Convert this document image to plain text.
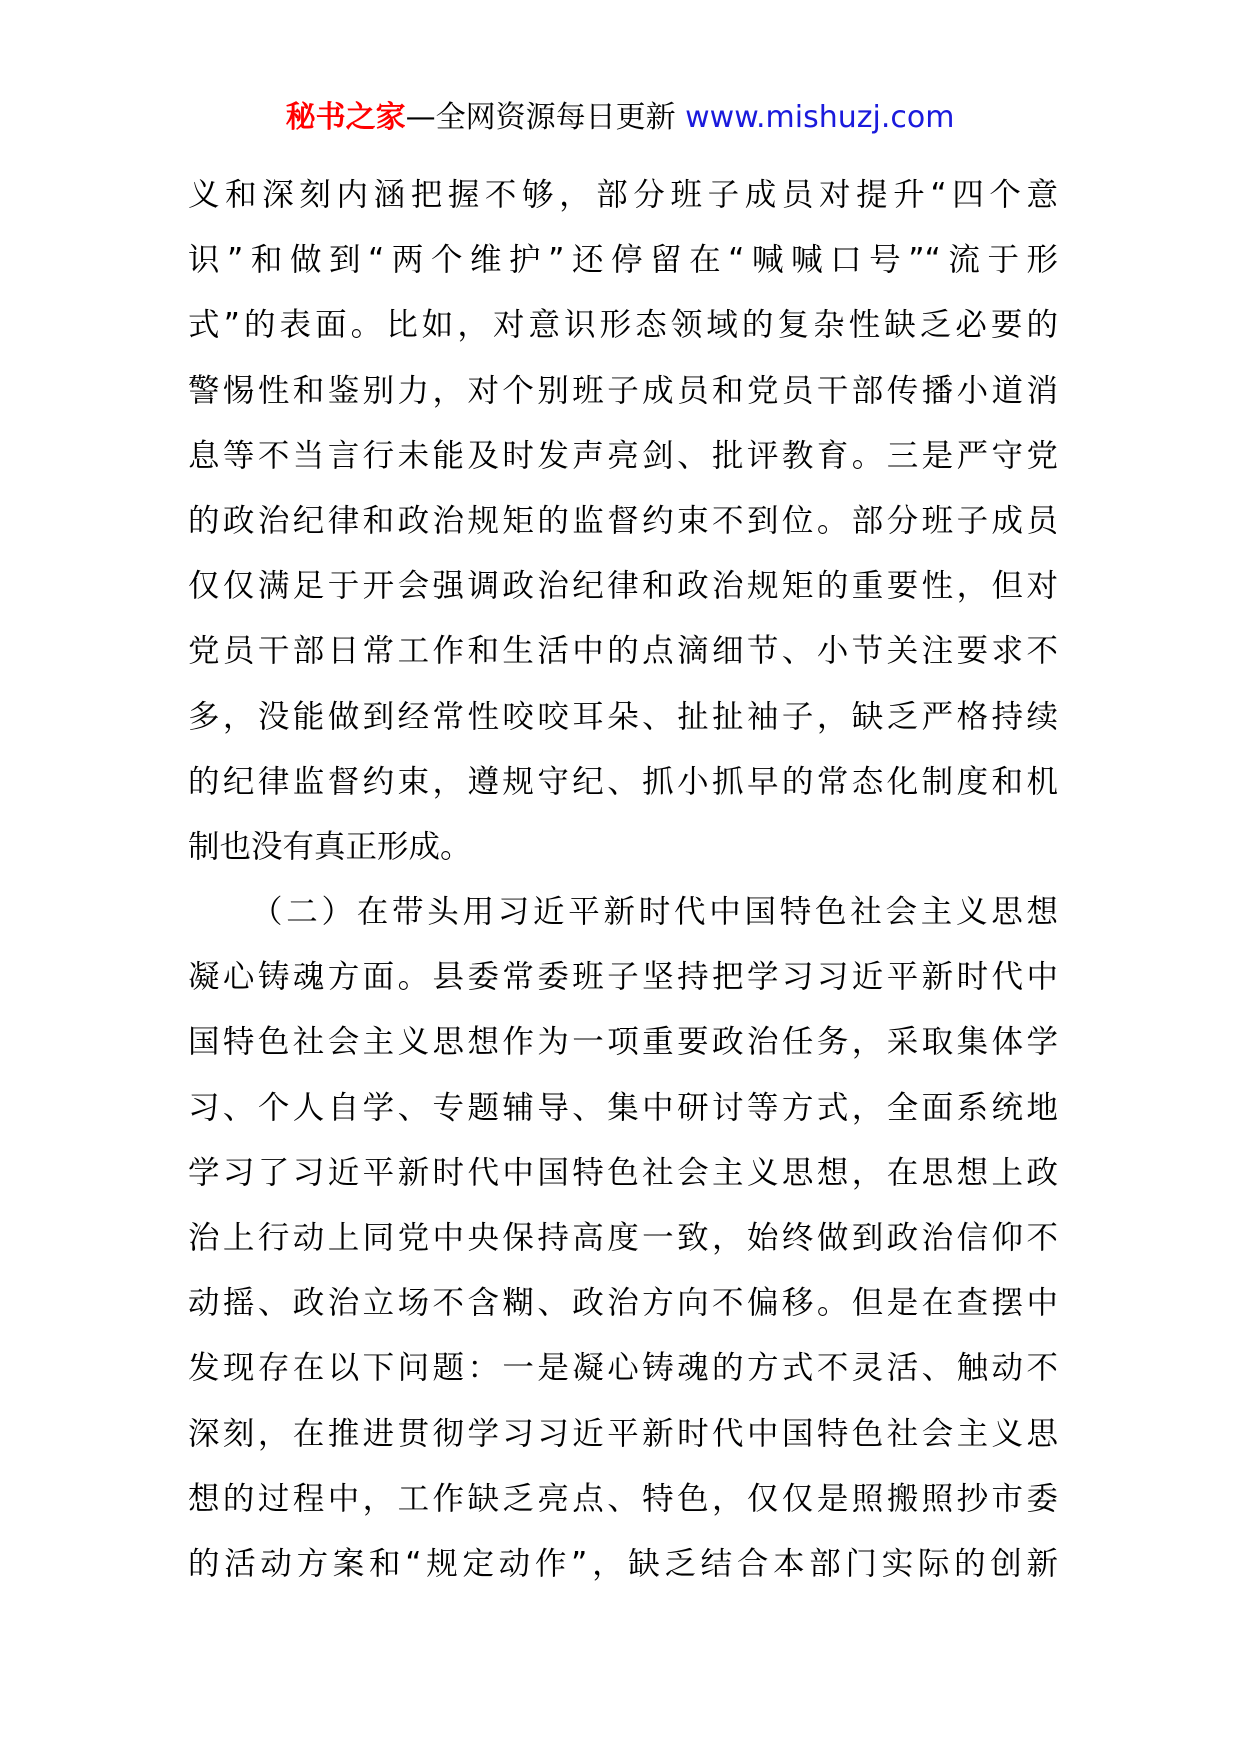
秘书之家—全网资源每日更新 www.mishuzj.com
义和深刻内涵把握不够，部分班子成员对提升“四个意
识”和做到“两个维护”还停留在“喊喊口号”“流于形
式”的表面。比如，对意识形态领域的复杂性缺乏必要的
警惕性和鉴别力，对个别班子成员和党员干部传播小道消
息等不当言行未能及时发声亮剑、批评教育。三是严守党
的政治纪律和政治规矩的监督约束不到位。部分班子成员
仅仅满足于开会强调政治纪律和政治规矩的重要性，但对
党员干部日常工作和生活中的点滴细节、小节关注要求不
多，没能做到经常性咬咬耳朵、扯扯袖子，缺乏严格持续
的纪律监督约束，遵规守纪、抓小抓早的常态化制度和机
制也没有真正形成。
（二）在带头用习近平新时代中国特色社会主义思想
凝心铸魂方面。县委常委班子坚持把学习习近平新时代中
国特色社会主义思想作为一项重要政治任务，采取集体学
习、个人自学、专题辅导、集中研讨等方式，全面系统地
学习了习近平新时代中国特色社会主义思想，在思想上政
治上行动上同党中央保持高度一致，始终做到政治信仰不
动摇、政治立场不含糊、政治方向不偏移。但是在查摆中
发现存在以下问题：一是凝心铸魂的方式不灵活、触动不
深刻，在推进贯彻学习习近平新时代中国特色社会主义思
想的过程中，工作缺乏亮点、特色，仅仅是照搬照抄市委
的活动方案和“规定动作”，缺乏结合本部门实际的创新
